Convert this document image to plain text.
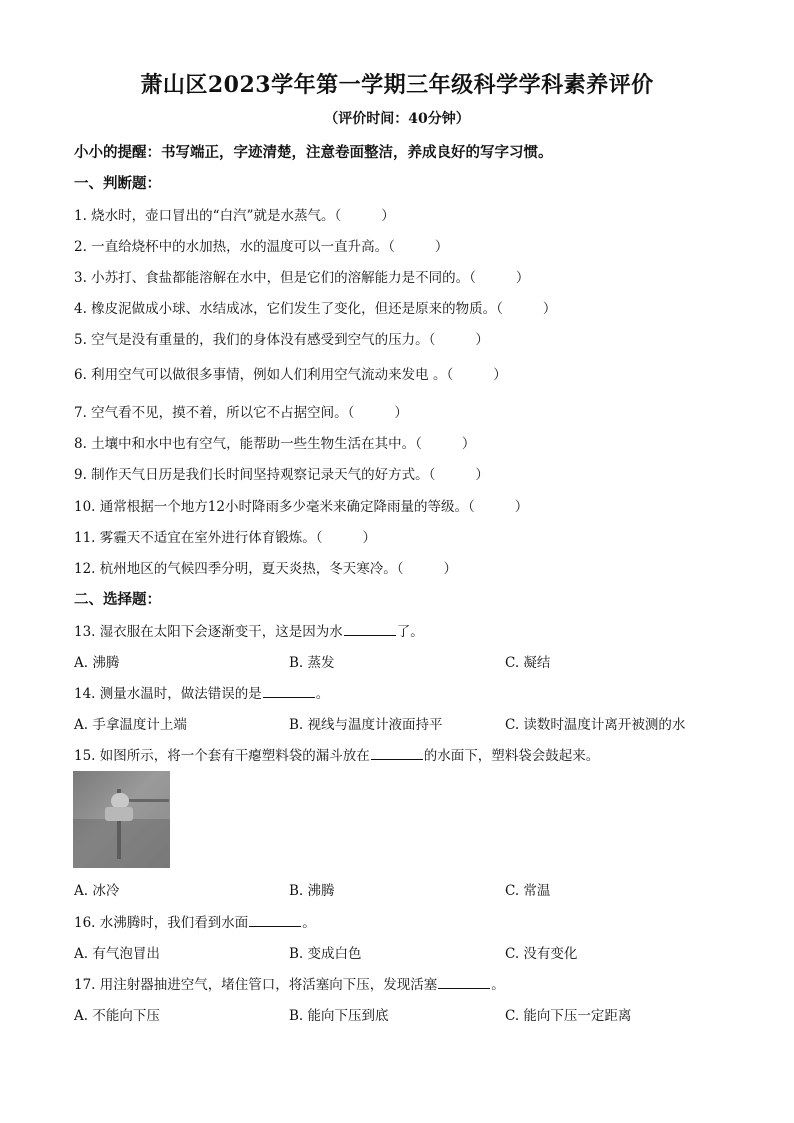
萧山区2023学年第一学期三年级科学学科素养评价
（评价时间：40分钟）
小小的提醒：书写端正，字迹清楚，注意卷面整洁，养成良好的写字习惯。
一、判断题：
1. 烧水时，壶口冒出的“白汽”就是水蒸气。（	）
2. 一直给烧杯中的水加热，水的温度可以一直升高。（	）
3. 小苏打、食盐都能溶解在水中，但是它们的溶解能力是不同的。（	）
4. 橡皮泥做成小球、水结成冰，它们发生了变化，但还是原来的物质。（	）
5. 空气是没有重量的，我们的身体没有感受到空气的压力。（	）
6. 利用空气可以做很多事情，例如人们利用空气流动来发电 。（	）
7. 空气看不见，摸不着，所以它不占据空间。（	）
8. 土壤中和水中也有空气，能帮助一些生物生活在其中。（	）
9. 制作天气日历是我们长时间坚持观察记录天气的好方式。（	）
10. 通常根据一个地方12小时降雨多少毫米来确定降雨量的等级。（	）
11. 雾霾天不适宜在室外进行体育锻炼。（	）
12. 杭州地区的气候四季分明，夏天炎热，冬天寒冷。（	）
二、选择题：
13. 湿衣服在太阳下会逐渐变干，这是因为水	了。
A. 沸腾	B. 蒸发	C. 凝结
14. 测量水温时，做法错误的是	。
A. 手拿温度计上端	B. 视线与温度计液面持平	C. 读数时温度计离开被测的水
15. 如图所示，将一个套有干瘪塑料袋的漏斗放在	的水面下，塑料袋会鼓起来。
A. 冰冷	B. 沸腾	C. 常温
16. 水沸腾时，我们看到水面	。
A. 有气泡冒出	B. 变成白色	C. 没有变化
17. 用注射器抽进空气，堵住管口，将活塞向下压，发现活塞	。
A. 不能向下压	B. 能向下压到底	C. 能向下压一定距离
